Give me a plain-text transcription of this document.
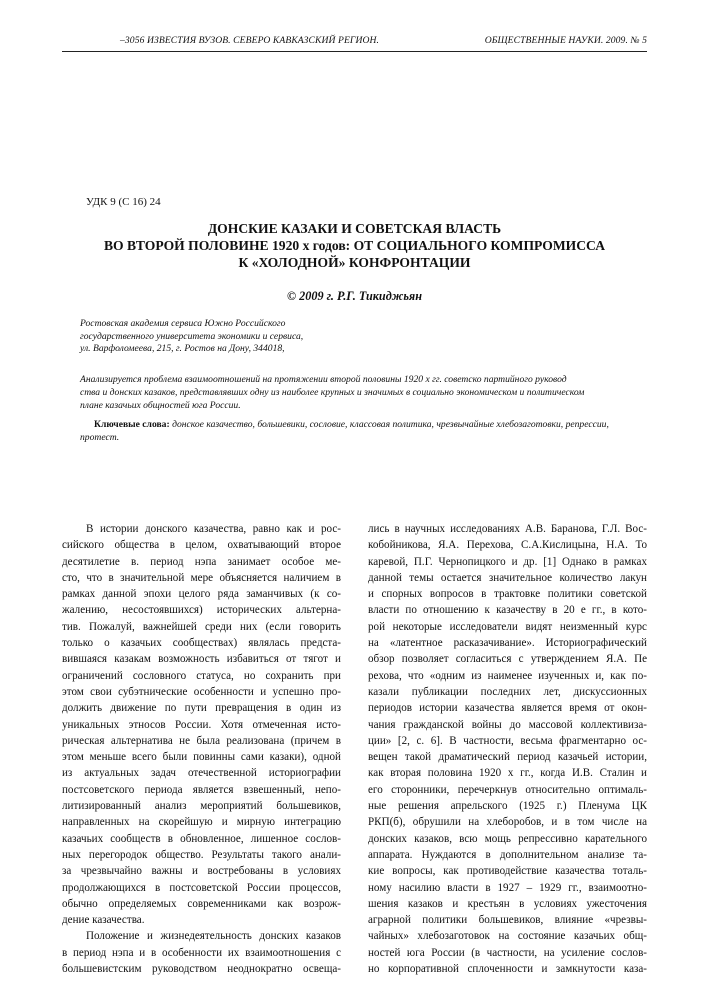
–3056 ИЗВЕСТИЯ ВУЗОВ. СЕВЕРО КАВКАЗСКИЙ РЕГИОН.	ОБЩЕСТВЕННЫЕ НАУКИ. 2009. № 5
УДК 9 (С 16) 24
ДОНСКИЕ КАЗАКИ И СОВЕТСКАЯ ВЛАСТЬ
ВО ВТОРОЙ ПОЛОВИНЕ 1920 х годов: ОТ СОЦИАЛЬНОГО КОМПРОМИССА
К «ХОЛОДНОЙ» КОНФРОНТАЦИИ
© 2009 г. Р.Г. Тикиджьян
Ростовская академия сервиса Южно Российского
государственного университета экономики и сервиса,
ул. Варфоломеева, 215, г. Ростов на Дону, 344018,
Анализируется проблема взаимоотношений на протяжении второй половины 1920 х гг. советско партийного руковод
ства и донских казаков, представлявших одну из наиболее крупных и значимых в социально экономическом и политическом
плане казачьих общностей юга России.
Ключевые слова: донское казачество, большевики, сословие, классовая политика, чрезвычайные хлебозаготовки, репрессии, протест.
В истории донского казачества, равно как и рос-
сийского общества в целом, охватывающий второе
десятилетие в. период нэпа занимает особое ме-
сто, что в значительной мере объясняется наличием в
рамках данной эпохи целого ряда заманчивых (к со-
жалению, несостоявшихся) исторических альтерна-
тив. Пожалуй, важнейшей среди них (если говорить
только о казачьих сообществах) являлась предста-
вившаяся казакам возможность избавиться от тягот и
ограничений сословного статуса, но сохранить при
этом свои субэтнические особенности и успешно про-
должить движение по пути превращения в один из
уникальных этносов России. Хотя отмеченная исто-
рическая альтернатива не была реализована (причем в
этом меньше всего были повинны сами казаки), одной
из актуальных задач отечественной историографии
постсоветского периода является взвешенный, непо-
литизированный анализ мероприятий большевиков,
направленных на скорейшую и мирную интеграцию
казачьих сообществ в обновленное, лишенное сослов-
ных перегородок общество. Результаты такого анали-
за чрезвычайно важны и востребованы в условиях
продолжающихся в постсоветской России процессов,
обычно определяемых современниками как возрож-
дение казачества.
Положение и жизнедеятельность донских казаков
в период нэпа и в особенности их взаимоотношения с
большевистским руководством неоднократно освеща-
лись в научных исследованиях А.В. Баранова, Г.Л. Вос-
кобойникова, Я.А. Перехова, С.А.Кислицына, Н.А. То
каревой, П.Г. Чернопицкого и др. [1] Однако в рамках
данной темы остается значительное количество лакун
и спорных вопросов в трактовке политики советской
власти по отношению к казачеству в 20 е гг., в кото-
рой некоторые исследователи видят неизменный курс
на «латентное расказачивание». Историографический
обзор позволяет согласиться с утверждением Я.А. Пе
рехова, что «одним из наименее изученных и, как по-
казали публикации последних лет, дискуссионных
периодов истории казачества является время от окон-
чания гражданской войны до массовой коллективиза-
ции» [2, с. 6]. В частности, весьма фрагментарно ос-
вещен такой драматический период казачьей истории,
как вторая половина 1920 х гг., когда И.В. Сталин и
его сторонники, перечеркнув относительно оптималь-
ные решения апрельского (1925 г.) Пленума ЦК
РКП(б), обрушили на хлеборобов, и в том числе на
донских казаков, всю мощь репрессивно карательного
аппарата. Нуждаются в дополнительном анализе та-
кие вопросы, как противодействие казачества тоталь-
ному насилию власти в 1927 – 1929 гг., взаимоотно-
шения казаков и крестьян в условиях ужесточения
аграрной политики большевиков, влияние «чрезвы-
чайных» хлебозаготовок на состояние казачьих общ-
ностей юга России (в частности, на усиление сослов-
но корпоративной сплоченности и замкнутости каза-
